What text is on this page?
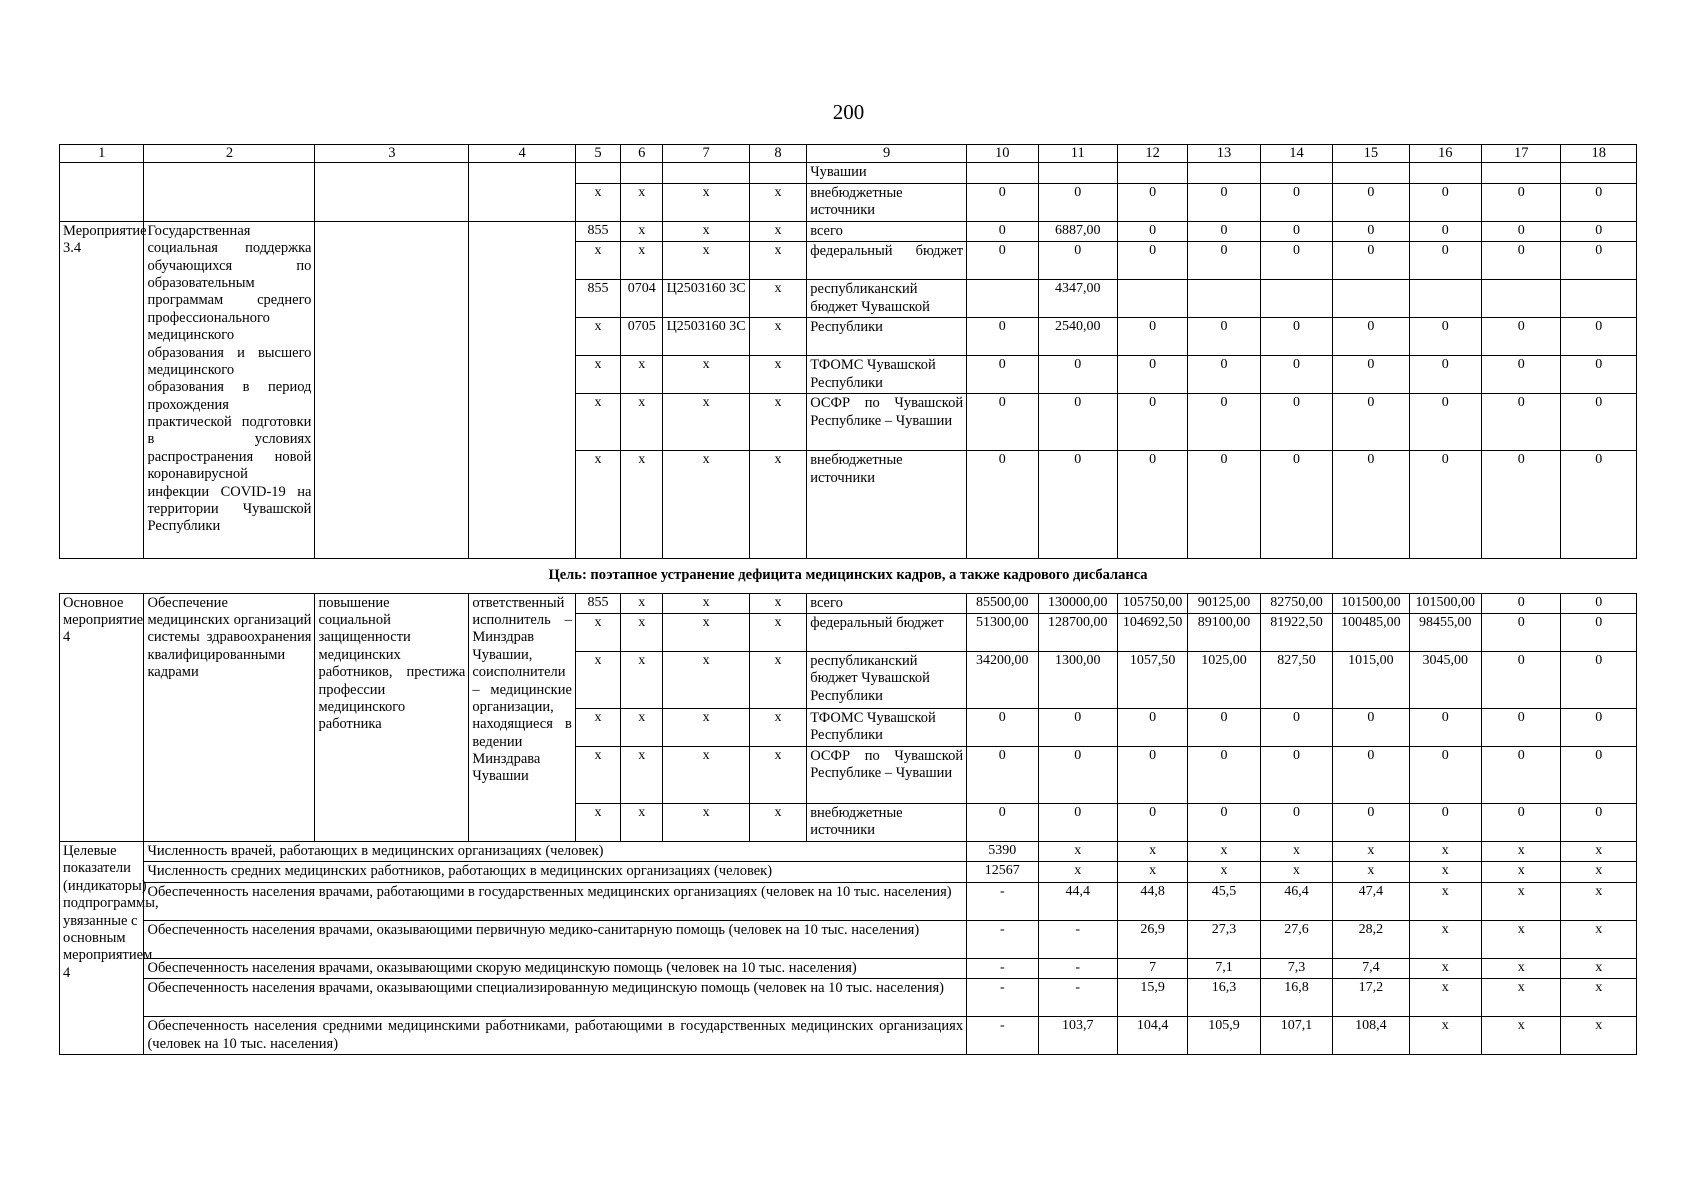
200
1	2	3	4	5	6	7	8	9	10	11	12	13	14	15	16	17	18
								Чувашии									
				x	x	x	x	внебюджетные источники	0	0	0	0	0	0	0	0	0
Мероприятие 3.4	Государственная социальная поддержка обучающихся по образовательным программам среднего профессионального медицинского образования и высшего медицинского образования в период прохождения практической подготовки в условиях распространения новой коронавирусной инфекции COVID-19 на территории Чувашской Республики			855	x	x	x	всего	0	6887,00	0	0	0	0	0	0	0
				x	x	x	x	федеральный бюджет	0	0	0	0	0	0	0	0	0
				855	0704	Ц2503160 3С	x	республиканский бюджет Чувашской		4347,00							
				x	0705	Ц2503160 3С	x	Республики	0	2540,00	0	0	0	0	0	0	0
				x	x	x	x	ТФОМС Чувашской Республики	0	0	0	0	0	0	0	0	0
				x	x	x	x	ОСФР по Чувашской Республике – Чувашии	0	0	0	0	0	0	0	0	0
				x	x	x	x	внебюджетные источники	0	0	0	0	0	0	0	0	0
Цель: поэтапное устранение дефицита медицинских кадров, а также кадрового дисбаланса																	
Основное мероприятие 4	Обеспечение медицинских организаций системы здравоохранения квалифицированными кадрами	повышение социальной защищенности медицинских работников, престижа профессии медицинского работника	ответственный исполнитель – Минздрав Чувашии, соисполнители – медицинские организации, находящиеся в ведении Минздрава Чувашии	855	x	x	x	всего	85500,00	130000,00	105750,00	90125,00	82750,00	101500,00	101500,00	0	0
				x	x	x	x	федеральный бюджет	51300,00	128700,00	104692,50	89100,00	81922,50	100485,00	98455,00	0	0
				x	x	x	x	республиканский бюджет Чувашской Республики	34200,00	1300,00	1057,50	1025,00	827,50	1015,00	3045,00	0	0
				x	x	x	x	ТФОМС Чувашской Республики	0	0	0	0	0	0	0	0	0
				x	x	x	x	ОСФР по Чувашской Республике – Чувашии	0	0	0	0	0	0	0	0	0
				x	x	x	x	внебюджетные источники	0	0	0	0	0	0	0	0	0
Целевые показатели (индикаторы) подпрограммы, увязанные с основным мероприятием 4	Численность врачей, работающих в медицинских организациях (человек)								5390	x	x	x	x	x	x	x	x
	Численность средних медицинских работников, работающих в медицинских организациях (человек)								12567	x	x	x	x	x	x	x	x
	Обеспеченность населения врачами, работающими в государственных медицинских организациях (человек на 10 тыс. населения)								-	44,4	44,8	45,5	46,4	47,4	x	x	x
	Обеспеченность населения врачами, оказывающими первичную медико-санитарную помощь (человек на 10 тыс. населения)								-	-	26,9	27,3	27,6	28,2	x	x	x
	Обеспеченность населения врачами, оказывающими скорую медицинскую помощь (человек на 10 тыс. населения)								-	-	7	7,1	7,3	7,4	x	x	x
	Обеспеченность населения врачами, оказывающими специализированную медицинскую помощь (человек на 10 тыс. населения)								-	-	15,9	16,3	16,8	17,2	x	x	x
	Обеспеченность населения средними медицинскими работниками, работающими в государственных медицинских организациях (человек на 10 тыс. населения)								-	103,7	104,4	105,9	107,1	108,4	x	x	x
